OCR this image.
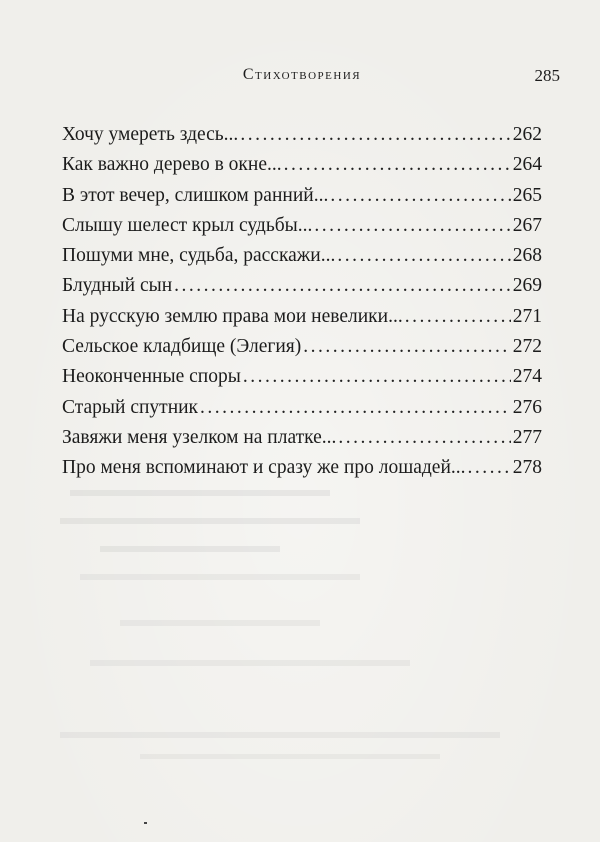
Стихотворения	285
Хочу умереть здесь... .....	262
Как важно дерево в окне... .....	264
В этот вечер, слишком ранний... .....	265
Слышу шелест крыл судьбы... .....	267
Пошуми мне, судьба, расскажи... .....	268
Блудный сын .....	269
На русскую землю права мои невелики... .....	271
Сельское кладбище (Элегия) .....	272
Неоконченные споры .....	274
Старый спутник .....	276
Завяжи меня узелком на платке... .....	277
Про меня вспоминают и сразу же про лошадей... ..... 278
